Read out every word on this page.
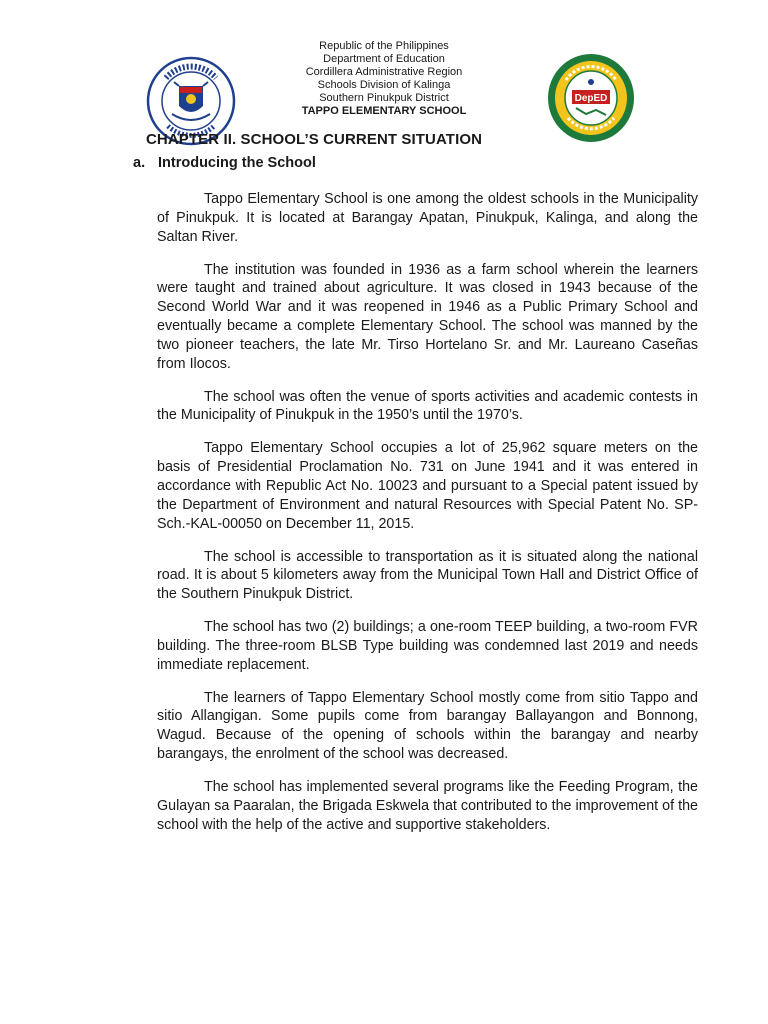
Republic of the Philippines
Department of Education
Cordillera Administrative Region
Schools Division of Kalinga
Southern Pinukpuk District
TAPPO ELEMENTARY SCHOOL
DepED
CHAPTER II. SCHOOL’S CURRENT SITUATION
a. Introducing the School

Tappo Elementary School is one among the oldest schools in the Municipality of Pinukpuk. It is located at Barangay Apatan, Pinukpuk, Kalinga, and along the Saltan River.

The institution was founded in 1936 as a farm school wherein the learners were taught and trained about agriculture. It was closed in 1943 because of the Second World War and it was reopened in 1946 as a Public Primary School and eventually became a complete Elementary School. The school was manned by the two pioneer teachers, the late Mr. Tirso Hortelano Sr. and Mr. Laureano Caseñas from Ilocos.

The school was often the venue of sports activities and academic contests in the Municipality of Pinukpuk in the 1950’s until the 1970’s.

Tappo Elementary School occupies a lot of 25,962 square meters on the basis of Presidential Proclamation No. 731 on June 1941 and it was entered in accordance with Republic Act No. 10023 and pursuant to a Special patent issued by the Department of Environment and natural Resources with Special Patent No. SP-Sch.-KAL-00050 on December 11, 2015.

The school is accessible to transportation as it is situated along the national road. It is about 5 kilometers away from the Municipal Town Hall and District Office of the Southern Pinukpuk District.

The school has two (2) buildings; a one-room TEEP building, a two-room FVR building. The three-room BLSB Type building was condemned last 2019 and needs immediate replacement.

The learners of Tappo Elementary School mostly come from sitio Tappo and sitio Allangigan. Some pupils come from barangay Ballayangon and Bonnong, Wagud. Because of the opening of schools within the barangay and nearby barangays, the enrolment of the school was decreased.

The school has implemented several programs like the Feeding Program, the Gulayan sa Paaralan, the Brigada Eskwela that contributed to the improvement of the school with the help of the active and supportive stakeholders.
